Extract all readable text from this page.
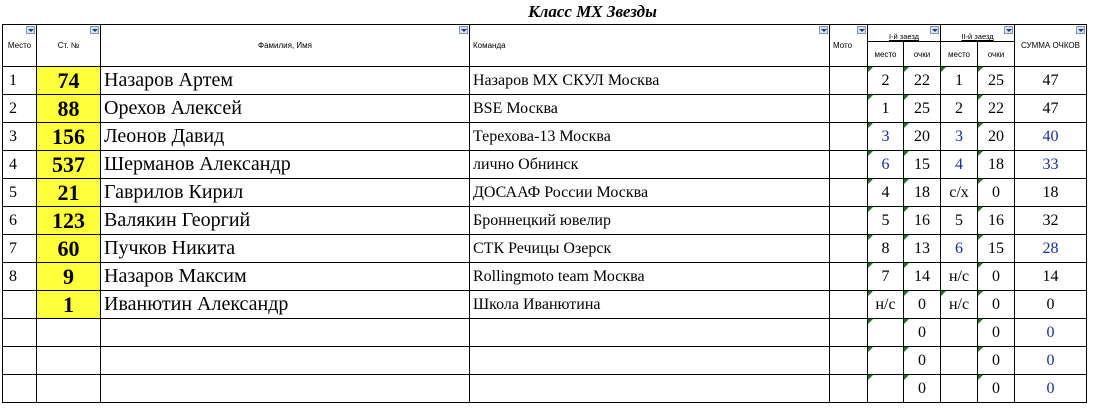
Класс МХ Звезды
Место	Ст. №	Фамилия, Имя	Команда	Мото	I-й заезд		II-й заезд		СУММА ОЧКОВ

					место	очки	место	очки	
1	74	Назаров Артем	Назаров МХ СКУЛ Москва		2	22	1	25	47
2	88	Орехов Алексей	BSE Москва		1	25	2	22	47
3	156	Леонов Давид	Терехова-13 Москва		3	20	3	20	40
4	537	Шерманов Александр	лично Обнинск		6	15	4	18	33
5	21	Гаврилов Кирил	ДОСААФ России Москва		4	18	с/х	0	18
6	123	Валякин Георгий	Броннецкий ювелир		5	16	5	16	32
7	60	Пучков Никита	СТК Речицы Озерск		8	13	6	15	28
8	9	Назаров Максим	Rollingmoto team Москва		7	14	н/с	0	14
	1	Иванютин Александр	Школа Иванютина		н/с	0	н/с	0	0
						0		0	0
						0		0	0
						0		0	0
